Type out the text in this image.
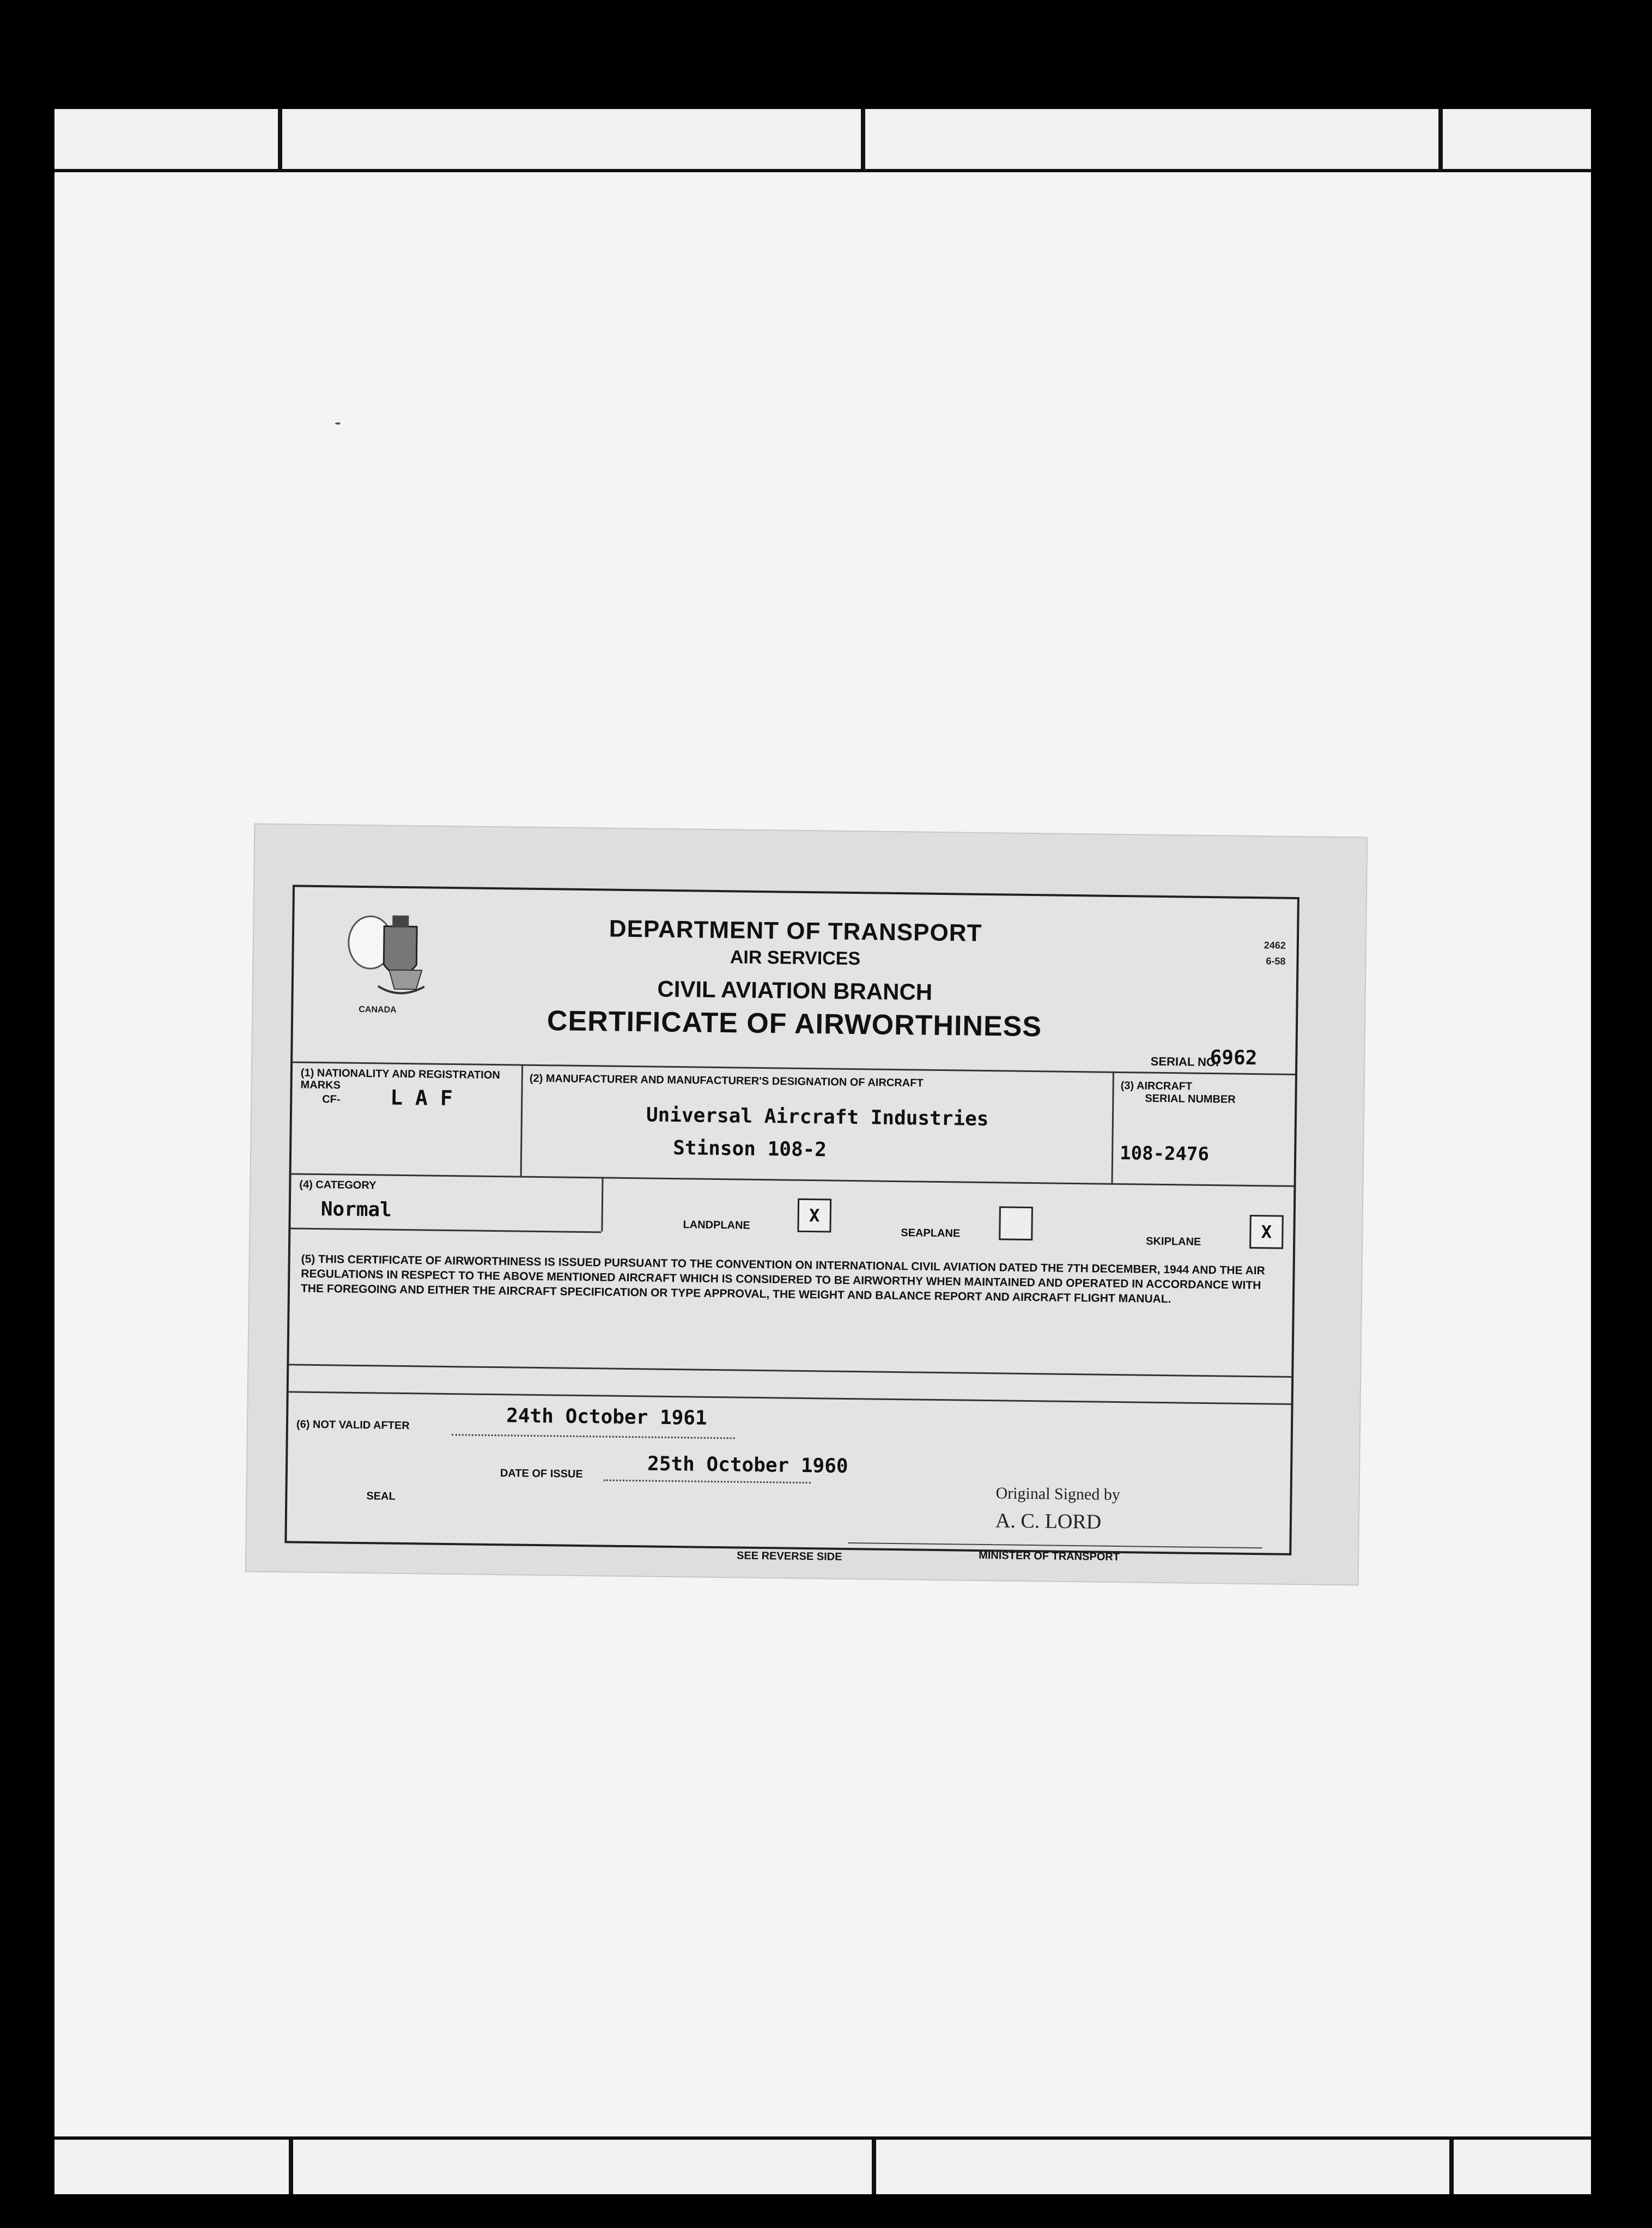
CANADA
DEPARTMENT OF TRANSPORT
AIR SERVICES
CIVIL AVIATION BRANCH
CERTIFICATE OF AIRWORTHINESS
2462
6-58
SERIAL NO.
6962
(1) NATIONALITY AND REGISTRATION MARKS
CF- L A F
(2) MANUFACTURER AND MANUFACTURER'S DESIGNATION OF AIRCRAFT
Universal Aircraft Industries
Stinson 108-2
(3) AIRCRAFT
SERIAL NUMBER
108-2476
(4) CATEGORY
Normal
LANDPLANE	X
SEAPLANE
SKIPLANE	X
(5) THIS CERTIFICATE OF AIRWORTHINESS IS ISSUED PURSUANT TO THE CONVENTION ON INTERNATIONAL CIVIL AVIATION DATED THE 7TH DECEMBER, 1944 AND THE AIR REGULATIONS IN RESPECT TO THE ABOVE MENTIONED AIRCRAFT WHICH IS CONSIDERED TO BE AIRWORTHY WHEN MAINTAINED AND OPERATED IN ACCORDANCE WITH THE FOREGOING AND EITHER THE AIRCRAFT SPECIFICATION OR TYPE APPROVAL, THE WEIGHT AND BALANCE REPORT AND AIRCRAFT FLIGHT MANUAL.
(6) NOT VALID AFTER	24th October 1961
DATE OF ISSUE	25th October 1960
SEAL	Original Signed by
A. C. LORD
MINISTER OF TRANSPORT
SEE REVERSE SIDE
